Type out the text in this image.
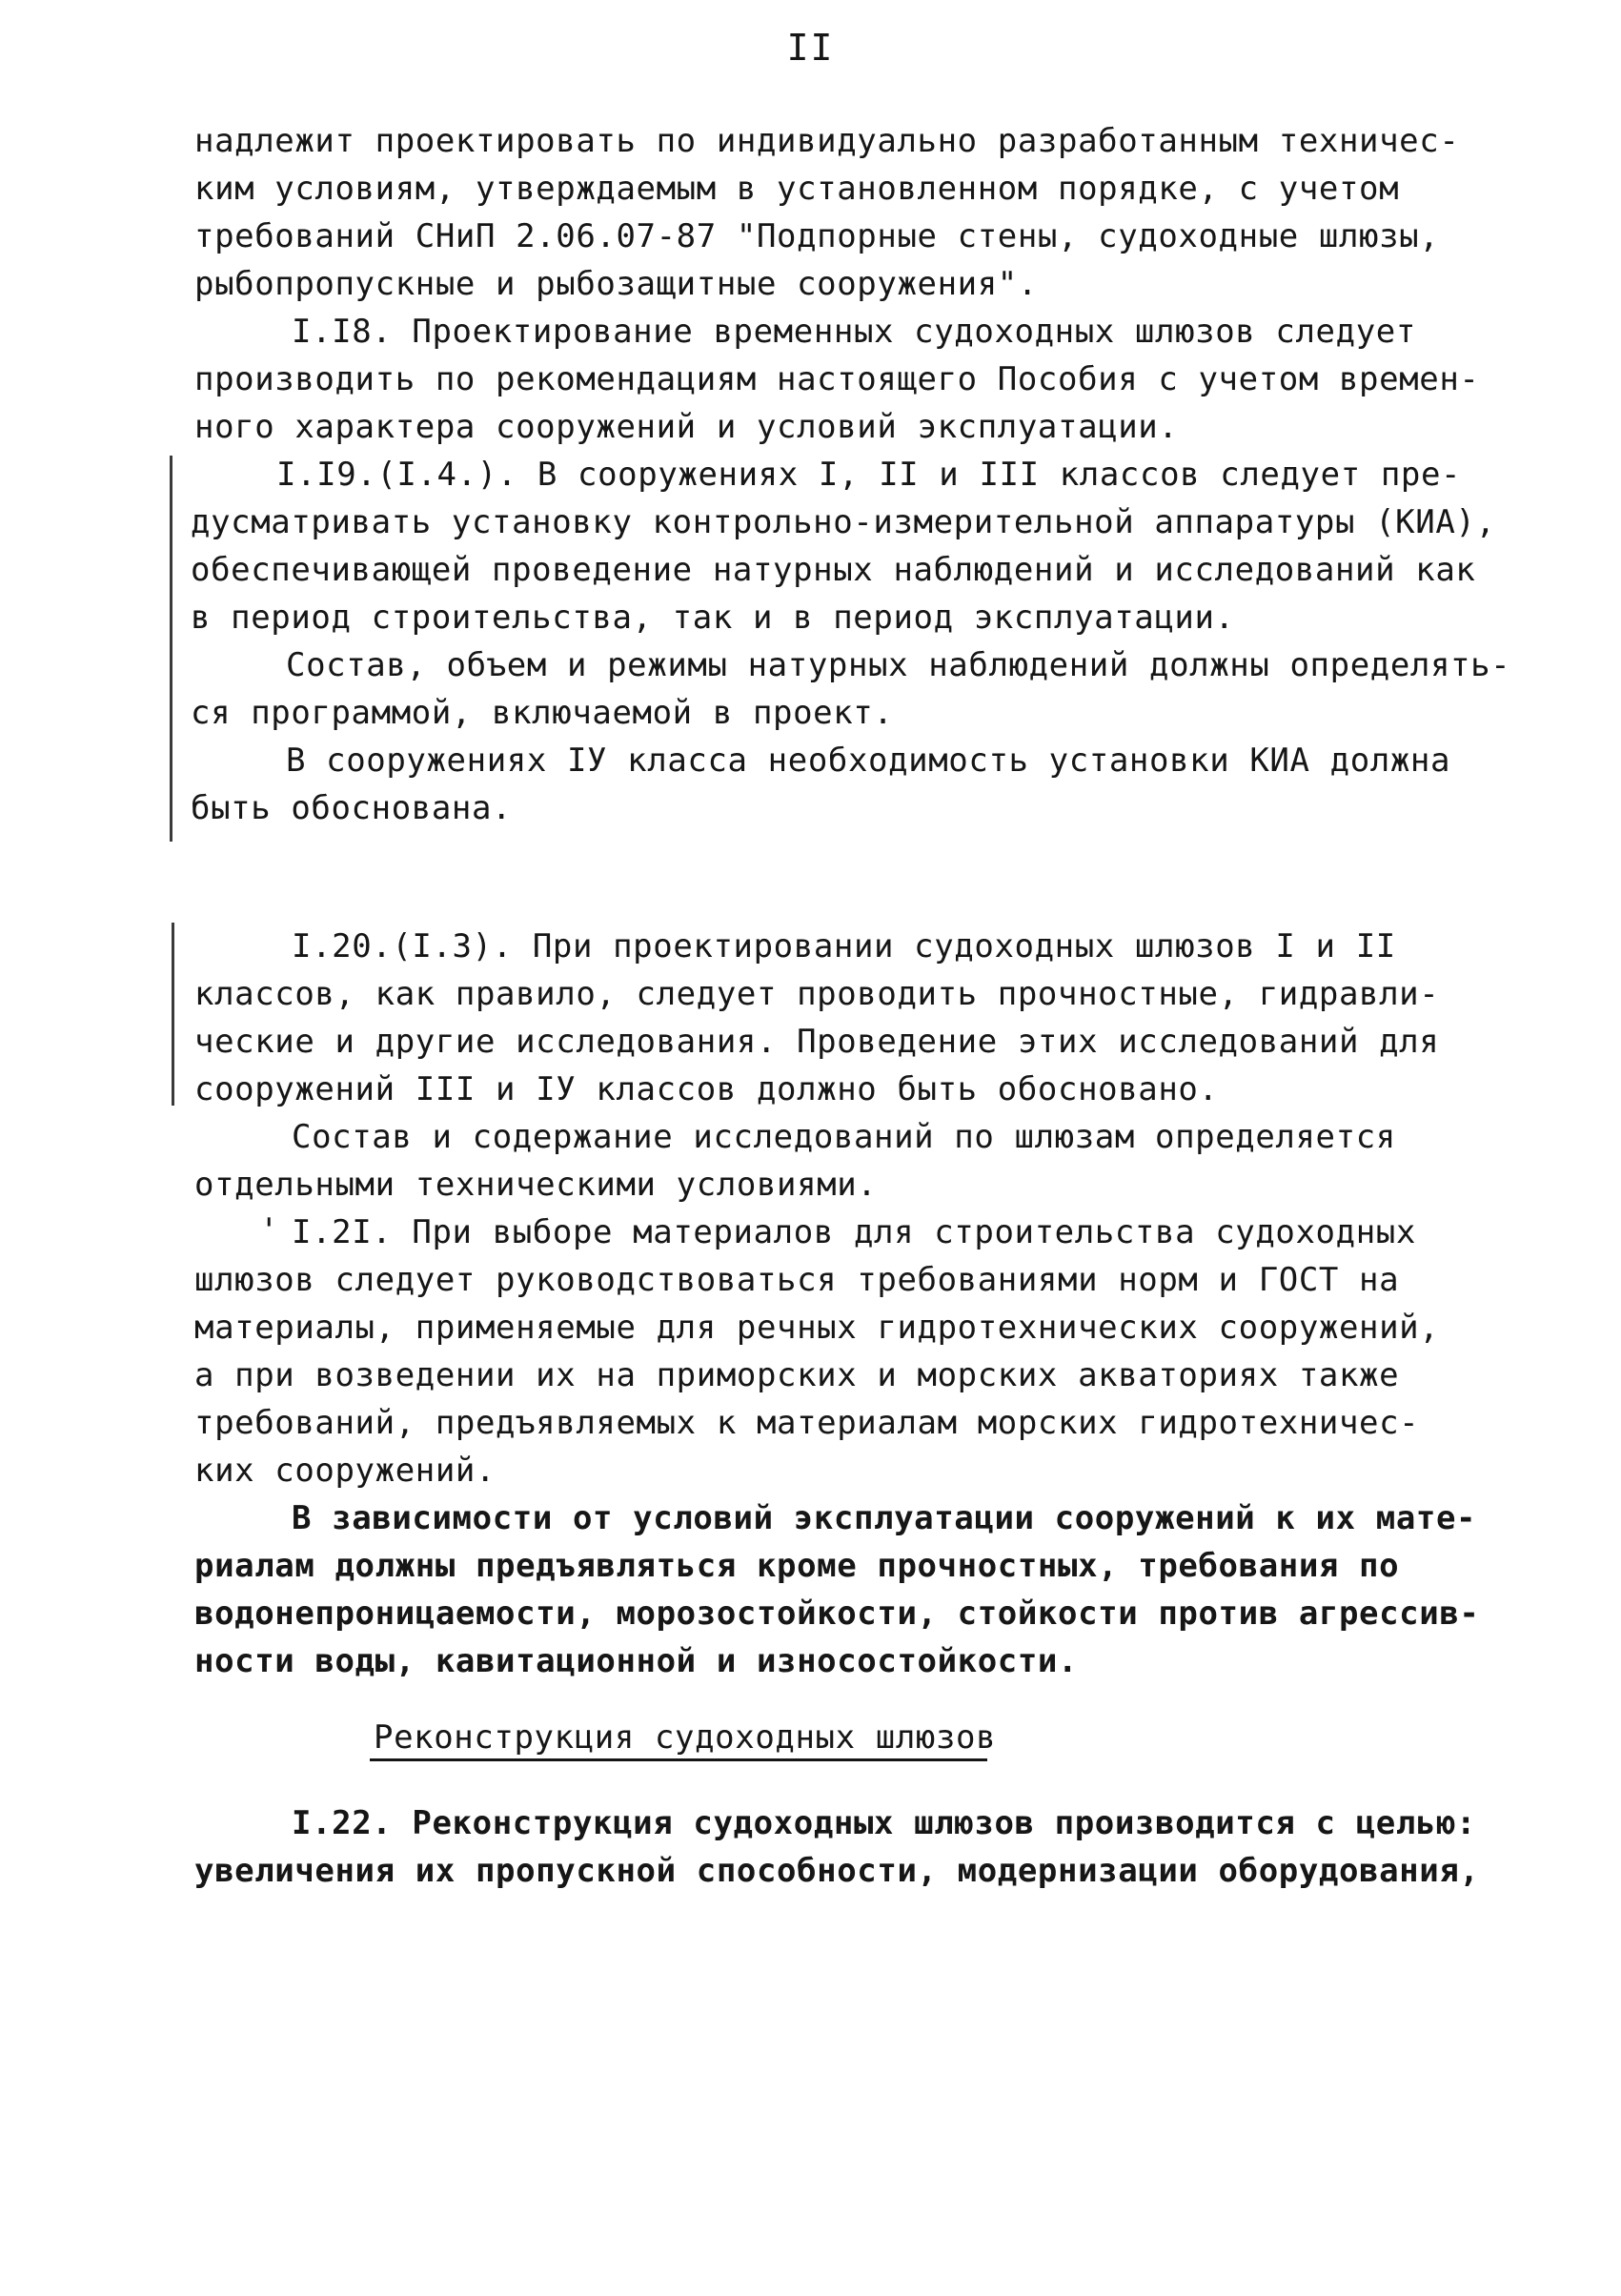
II
надлежит проектировать по индивидуально разработанным техничес-
ким условиям, утверждаемым в установленном порядке, с учетом
требований СНиП 2.06.07-87 "Подпорные стены, судоходные шлюзы,
рыбопропускные и рыбозащитные сооружения".
I.I8. Проектирование временных судоходных шлюзов следует
производить по рекомендациям настоящего Пособия с учетом времен-
ного характера сооружений и условий эксплуатации.
I.I9.(I.4.). В сооружениях I, II и III классов следует пре-
дусматривать установку контрольно-измерительной аппаратуры (КИА),
обеспечивающей проведение натурных наблюдений и исследований как
в период строительства, так и в период эксплуатации.
Состав, объем и режимы натурных наблюдений должны определять-
ся программой, включаемой в проект.
В сооружениях IУ класса необходимость установки КИА должна
быть обоснована.
I.20.(I.3). При проектировании судоходных шлюзов I и II
классов, как правило, следует проводить прочностные, гидравли-
ческие и другие исследования. Проведение этих исследований для
сооружений III и IУ классов должно быть обосновано.
Состав и содержание исследований по шлюзам определяется
отдельными техническими условиями.
' I.2I. При выборе материалов для строительства судоходных
шлюзов следует руководствоваться требованиями норм и ГОСТ на
материалы, применяемые для речных гидротехнических сооружений,
а при возведении их на приморских и морских акваториях также
требований, предъявляемых к материалам морских гидротехничес-
ких сооружений.
В зависимости от условий эксплуатации сооружений к их мате-
риалам должны предъявляться кроме прочностных, требования по
водонепроницаемости, морозостойкости, стойкости против агрессив-
ности воды, кавитационной и износостойкости.
Реконструкция судоходных шлюзов
I.22. Реконструкция судоходных шлюзов производится с целью:
увеличения их пропускной способности, модернизации оборудования,
